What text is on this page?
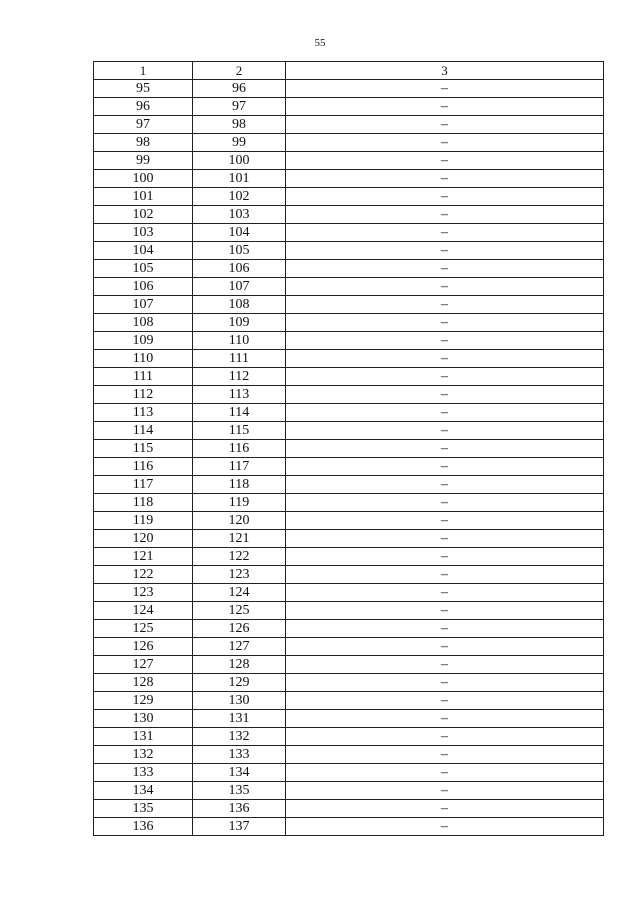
55
1	2	3
95	96	–
96	97	–
97	98	–
98	99	–
99	100	–
100	101	–
101	102	–
102	103	–
103	104	–
104	105	–
105	106	–
106	107	–
107	108	–
108	109	–
109	110	–
110	111	–
111	112	–
112	113	–
113	114	–
114	115	–
115	116	–
116	117	–
117	118	–
118	119	–
119	120	–
120	121	–
121	122	–
122	123	–
123	124	–
124	125	–
125	126	–
126	127	–
127	128	–
128	129	–
129	130	–
130	131	–
131	132	–
132	133	–
133	134	–
134	135	–
135	136	–
136	137	–
